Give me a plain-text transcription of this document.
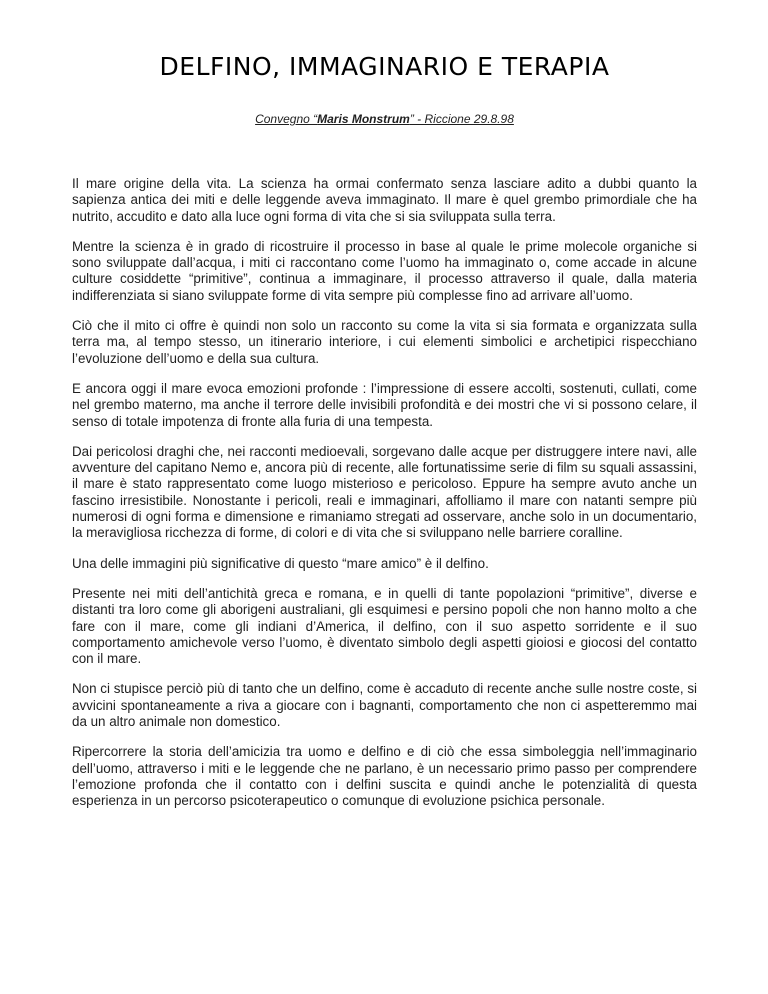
DELFINO, IMMAGINARIO E TERAPIA
Convegno “Maris Monstrum” - Riccione 29.8.98

Il mare origine della vita. La scienza ha ormai confermato senza lasciare adito a dubbi quanto la sapienza antica dei miti e delle leggende aveva immaginato. Il mare è quel grembo primordiale che ha nutrito, accudito e dato alla luce ogni forma di vita che si sia sviluppata sulla terra.

Mentre la scienza è in grado di ricostruire il processo in base al quale le prime molecole organiche si sono sviluppate dall’acqua, i miti ci raccontano come l’uomo ha immaginato o, come accade in alcune culture cosiddette “primitive”, continua a immaginare, il processo attraverso il quale, dalla materia indifferenziata si siano sviluppate forme di vita sempre più complesse fino ad arrivare all’uomo.

Ciò che il mito ci offre è quindi non solo un racconto su come la vita si sia formata e organizzata sulla terra ma, al tempo stesso, un itinerario interiore, i cui elementi simbolici e archetipici rispecchiano l’evoluzione dell’uomo e della sua cultura.

E ancora oggi il mare evoca emozioni profonde : l’impressione di essere accolti, sostenuti, cullati, come nel grembo materno, ma anche il terrore delle invisibili profondità e dei mostri che vi si possono celare, il senso di totale impotenza di fronte alla furia di una tempesta.

Dai pericolosi draghi che, nei racconti medioevali, sorgevano dalle acque per distruggere intere navi, alle avventure del capitano Nemo e, ancora più di recente, alle fortunatissime serie di film su squali assassini, il mare è stato rappresentato come luogo misterioso e pericoloso. Eppure ha sempre avuto anche un fascino irresistibile. Nonostante i pericoli, reali e immaginari, affolliamo il mare con natanti sempre più numerosi di ogni forma e dimensione e rimaniamo stregati ad osservare, anche solo in un documentario, la meravigliosa ricchezza di forme, di colori e di vita che si sviluppano nelle barriere coralline.

Una delle immagini più significative di questo “mare amico” è il delfino.

Presente nei miti dell’antichità greca e romana, e in quelli di tante popolazioni “primitive”, diverse e distanti tra loro come gli aborigeni australiani, gli esquimesi e persino popoli che non hanno molto a che fare con il mare, come gli indiani d’America, il delfino, con il suo aspetto sorridente e il suo comportamento amichevole verso l’uomo, è diventato simbolo degli aspetti gioiosi e giocosi del contatto con il mare.

Non ci stupisce perciò più di tanto che un delfino, come è accaduto di recente anche sulle nostre coste, si avvicini spontaneamente a riva a giocare con i bagnanti, comportamento che non ci aspetteremmo mai da un altro animale non domestico.

Ripercorrere la storia dell’amicizia tra uomo e delfino e di ciò che essa simboleggia nell’immaginario dell’uomo, attraverso i miti e le leggende che ne parlano, è un necessario primo passo per comprendere l’emozione profonda che il contatto con i delfini suscita e quindi anche le potenzialità di questa esperienza in un percorso psicoterapeutico o comunque di evoluzione psichica personale.
